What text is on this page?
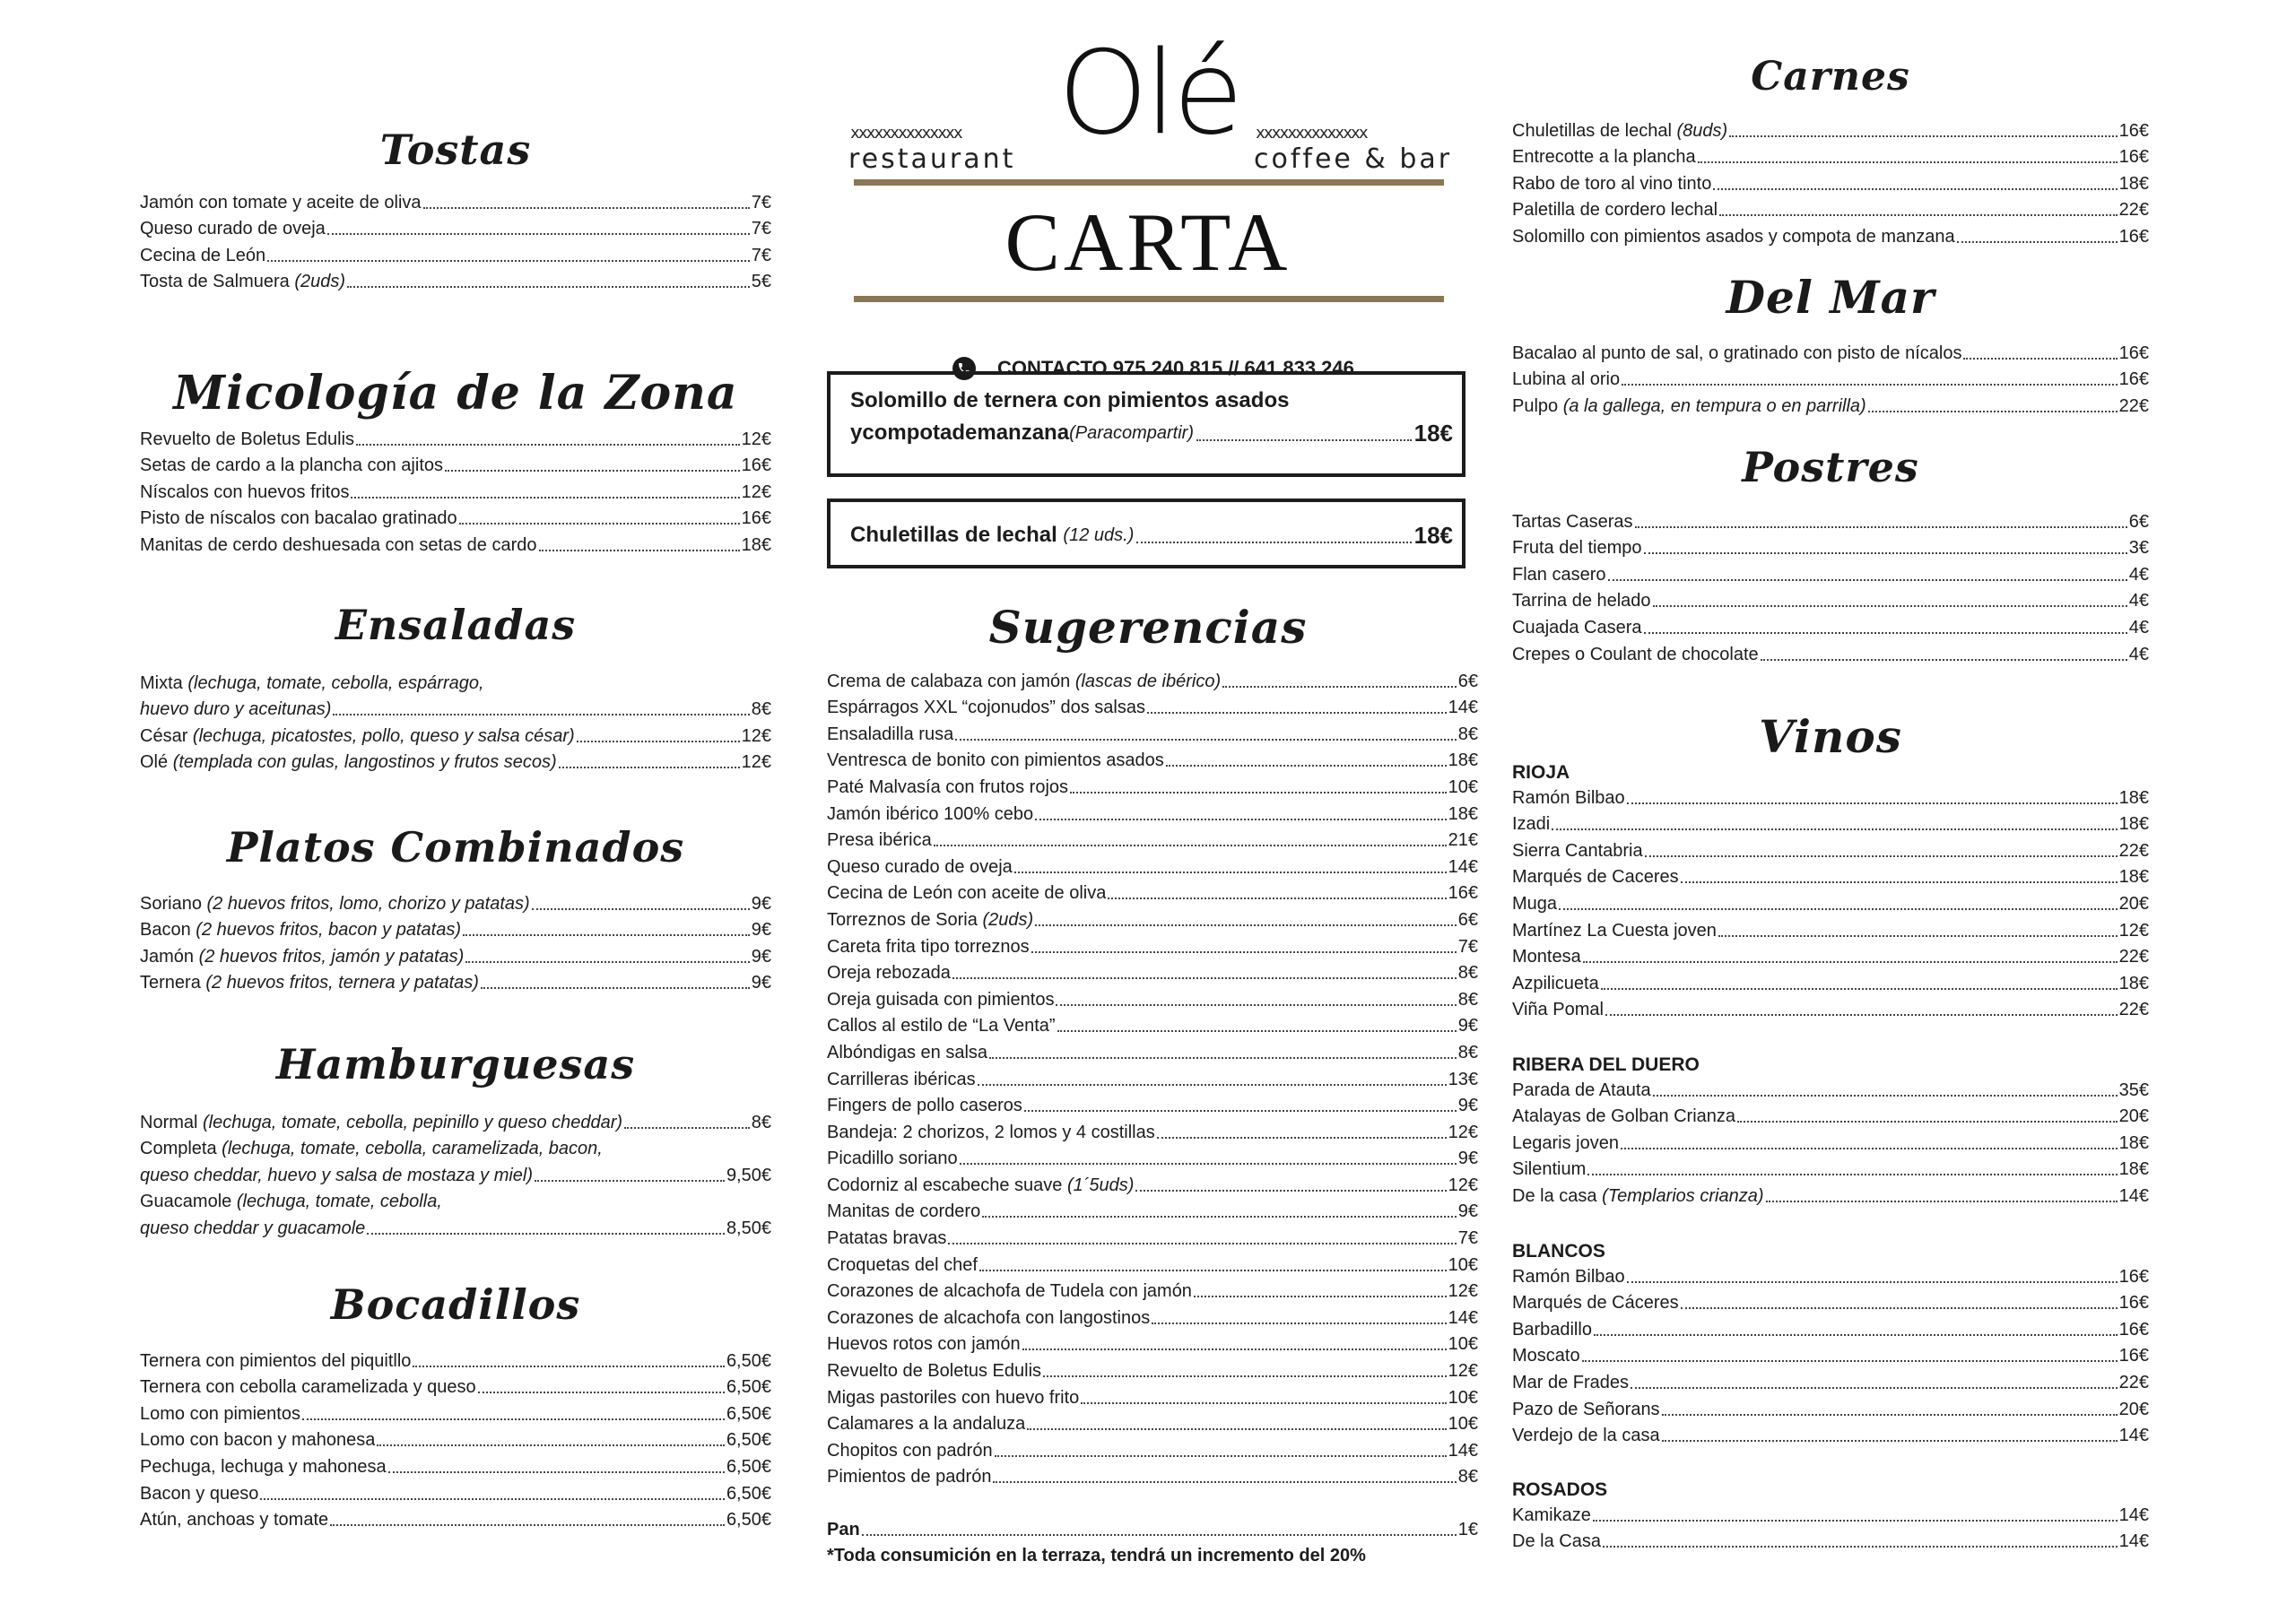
Tostas
Jamón con tomate y aceite de oliva	7€
Queso curado de oveja	7€
Cecina de León	7€
Tosta de Salmuera (2uds)	5€
Micología de la Zona
Revuelto de Boletus Edulis	12€
Setas de cardo a la plancha con ajitos	16€
Níscalos con huevos fritos	12€
Pisto de níscalos con bacalao gratinado	16€
Manitas de cerdo deshuesada con setas de cardo	18€
Ensaladas
Mixta
(lechuga, tomate, cebolla, espárrago,
huevo duro y aceitunas)	8€
César (lechuga, picatostes, pollo, queso y salsa césar)	12€
Olé (templada con gulas, langostinos y frutos secos)	12€
Platos Combinados
Soriano (2 huevos fritos, lomo, chorizo y patatas)	9€
Bacon (2 huevos fritos, bacon y patatas)	9€
Jamón (2 huevos fritos, jamón y patatas)	9€
Ternera (2 huevos fritos, ternera y patatas)	9€
Hamburguesas
Normal (lechuga, tomate, cebolla, pepinillo y queso cheddar)	8€
Completa
(lechuga, tomate, cebolla, caramelizada, bacon,
queso cheddar, huevo y salsa de mostaza y miel)	9,50€
Guacamole
(lechuga, tomate, cebolla,
queso cheddar y guacamole	8,50€
Bocadillos
Ternera con pimientos del piquitllo	6,50€
Ternera con cebolla caramelizada y queso	6,50€
Lomo con pimientos	6,50€
Lomo con bacon y mahonesa	6,50€
Pechuga, lechuga y mahonesa	6,50€
Bacon y queso	6,50€
Atún, anchoas y tomate	6,50€
xxxxxxxxxxxxxx
restaurant Olé xxxxxxxxxxxxxx
coffee & bar
CARTA
CONTACTO 975 240 815 // 641 833 246
Solomillo de ternera con pimientos asados
ycompotademanzana (Paracompartir)	18€
Chuletillas de lechal
(12 uds.)	18€
Sugerencias
Crema de calabaza con jamón (lascas de ibérico)	6€
Espárragos XXL “cojonudos” dos salsas	14€
Ensaladilla rusa	8€
Ventresca de bonito con pimientos asados	18€
Paté Malvasía con frutos rojos	10€
Jamón ibérico 100% cebo	18€
Presa ibérica	21€
Queso curado de oveja	14€
Cecina de León con aceite de oliva	16€
Torreznos de Soria (2uds)	6€
Careta frita tipo torreznos	7€
Oreja rebozada	8€
Oreja guisada con pimientos	8€
Callos al estilo de “La Venta”	9€
Albóndigas en salsa	8€
Carrilleras ibéricas	13€
Fingers de pollo caseros	9€
Bandeja: 2 chorizos, 2 lomos y 4 costillas	12€
Picadillo soriano	9€
Codorniz al escabeche suave (1´5uds)	12€
Manitas de cordero	9€
Patatas bravas	7€
Croquetas del chef	10€
Corazones de alcachofa de Tudela con jamón	12€
Corazones de alcachofa con langostinos	14€
Huevos rotos con jamón	10€
Revuelto de Boletus Edulis	12€
Migas pastoriles con huevo frito	10€
Calamares a la andaluza	10€
Chopitos con padrón	14€
Pimientos de padrón	8€
Pan	1€
*Toda consumición en la terraza, tendrá un incremento del 20%
Carnes
Chuletillas de lechal (8uds)	16€
Entrecotte a la plancha	16€
Rabo de toro al vino tinto	18€
Paletilla de cordero lechal	22€
Solomillo con pimientos asados y compota de manzana	16€
Del Mar
Bacalao al punto de sal, o gratinado con pisto de nícalos	16€
Lubina al orio	16€
Pulpo (a la gallega, en tempura o en parrilla)	22€
Postres
Tartas Caseras	6€
Fruta del tiempo	3€
Flan casero	4€
Tarrina de helado	4€
Cuajada Casera	4€
Crepes o Coulant de chocolate	4€
Vinos
RIOJA
Ramón Bilbao	18€
Izadi	18€
Sierra Cantabria	22€
Marqués de Caceres	18€
Muga	20€
Martínez La Cuesta joven	12€
Montesa	22€
Azpilicueta	18€
Viña Pomal	22€
RIBERA DEL DUERO
Parada de Atauta	35€
Atalayas de Golban Crianza	20€
Legaris joven	18€
Silentium	18€
De la casa (Templarios crianza)	14€
BLANCOS
Ramón Bilbao	16€
Marqués de Cáceres	16€
Barbadillo	16€
Moscato	16€
Mar de Frades	22€
Pazo de Señorans	20€
Verdejo de la casa	14€
ROSADOS
Kamikaze	14€
De la Casa	14€
